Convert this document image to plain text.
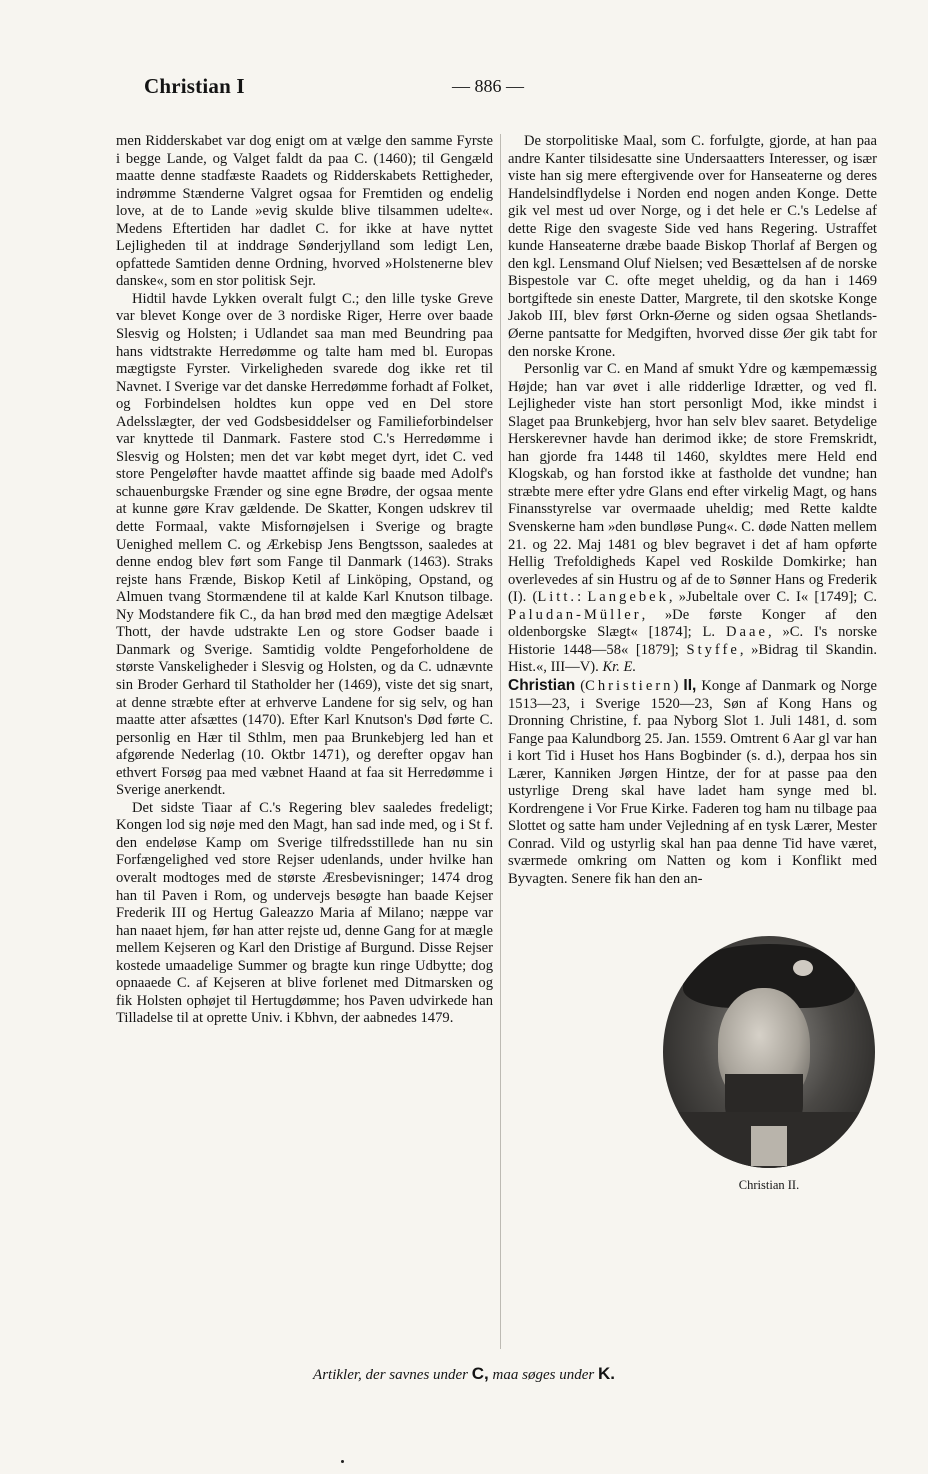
Christian I	— 886 —

men Ridderskabet var dog enigt om at vælge den samme Fyrste i begge Lande, og Valget faldt da paa C. (1460); til Gengæld maatte denne stadfæste Raadets og Ridderskabets Rettigheder, indrømme Stænderne Valgret ogsaa for Fremtiden og endelig love, at de to Lande »evig skulde blive tilsammen udelte«. Medens Eftertiden har dadlet C. for ikke at have nyttet Lejligheden til at inddrage Sønderjylland som ledigt Len, opfattede Samtiden denne Ordning, hvorved »Holstenerne blev danske«, som en stor politisk Sejr.

Hidtil havde Lykken overalt fulgt C.; den lille tyske Greve var blevet Konge over de 3 nordiske Riger, Herre over baade Slesvig og Holsten; i Udlandet saa man med Beundring paa hans vidtstrakte Herredømme og talte ham med bl. Europas mægtigste Fyrster. Virkeligheden svarede dog ikke ret til Navnet. I Sverige var det danske Herredømme forhadt af Folket, og Forbindelsen holdtes kun oppe ved en Del store Adelsslægter, der ved Godsbesiddelser og Familieforbindelser var knyttede til Danmark. Fastere stod C.'s Herredømme i Slesvig og Holsten; men det var købt meget dyrt, idet C. ved store Pengeløfter havde maattet affinde sig baade med Adolf's schauenburgske Frænder og sine egne Brødre, der ogsaa mente at kunne gøre Krav gældende. De Skatter, Kongen udskrev til dette Formaal, vakte Misfornøjelsen i Sverige og bragte Uenighed mellem C. og Ærkebisp Jens Bengtsson, saaledes at denne endog blev ført som Fange til Danmark (1463). Straks rejste hans Frænde, Biskop Ketil af Linköping, Opstand, og Almuen tvang Stormændene til at kalde Karl Knutson tilbage. Ny Modstandere fik C., da han brød med den mægtige Adelsæt Thott, der havde udstrakte Len og store Godser baade i Danmark og Sverige. Samtidig voldte Pengeforholdene de største Vanskeligheder i Slesvig og Holsten, og da C. udnævnte sin Broder Gerhard til Statholder her (1469), viste det sig snart, at denne stræbte efter at erhverve Landene for sig selv, og han maatte atter afsættes (1470). Efter Karl Knutson's Død førte C. personlig en Hær til Sthlm, men paa Brunkebjerg led han et afgørende Nederlag (10. Oktbr 1471), og derefter opgav han ethvert Forsøg paa med væbnet Haand at faa sit Herredømme i Sverige anerkendt.

Det sidste Tiaar af C.'s Regering blev saaledes fredeligt; Kongen lod sig nøje med den Magt, han sad inde med, og i St f. den endeløse Kamp om Sverige tilfredsstillede han nu sin Forfængelighed ved store Rejser udenlands, under hvilke han overalt modtoges med de største Æresbevisninger; 1474 drog han til Paven i Rom, og undervejs besøgte han baade Kejser Frederik III og Hertug Galeazzo Maria af Milano; næppe var han naaet hjem, før han atter rejste ud, denne Gang for at mægle mellem Kejseren og Karl den Dristige af Burgund. Disse Rejser kostede umaadelige Summer og bragte kun ringe Udbytte; dog opnaaede C. af Kejseren at blive forlenet med Ditmarsken og fik Holsten ophøjet til Hertugdømme; hos Paven udvirkede han Tilladelse til at oprette Univ. i Kbhvn, der aabnedes 1479.

De storpolitiske Maal, som C. forfulgte, gjorde, at han paa andre Kanter tilsidesatte sine Undersaatters Interesser, og især viste han sig mere eftergivende over for Hanseaterne og deres Handelsindflydelse i Norden end nogen anden Konge. Dette gik vel mest ud over Norge, og i det hele er C.'s Ledelse af dette Rige den svageste Side ved hans Regering. Ustraffet kunde Hanseaterne dræbe baade Biskop Thorlaf af Bergen og den kgl. Lensmand Oluf Nielsen; ved Besættelsen af de norske Bispestole var C. ofte meget uheldig, og da han i 1469 bortgiftede sin eneste Datter, Margrete, til den skotske Konge Jakob III, blev først Orkn-Øerne og siden ogsaa Shetlands-Øerne pantsatte for Medgiften, hvorved disse Øer gik tabt for den norske Krone.

Personlig var C. en Mand af smukt Ydre og kæmpemæssig Højde; han var øvet i alle ridderlige Idrætter, og ved fl. Lejligheder viste han stort personligt Mod, ikke mindst i Slaget paa Brunkebjerg, hvor han selv blev saaret. Betydelige Herskerevner havde han derimod ikke; de store Fremskridt, han gjorde fra 1448 til 1460, skyldtes mere Held end Klogskab, og han forstod ikke at fastholde det vundne; han stræbte mere efter ydre Glans end efter virkelig Magt, og hans Finansstyrelse var overmaade uheldig; med Rette kaldte Svenskerne ham »den bundløse Pung«. C. døde Natten mellem 21. og 22. Maj 1481 og blev begravet i det af ham opførte Hellig Trefoldigheds Kapel ved Roskilde Domkirke; han overlevedes af sin Hustru og af de to Sønner Hans og Frederik (I). (Litt.: Langebek, »Jubeltale over C. I« [1749]; C. Paludan-Müller, »De første Konger af den oldenborgske Slægt« [1874]; L. Daae, »C. I's norske Historie 1448—58« [1879]; Styffe, »Bidrag til Skandin. Hist.«, III—V). Kr. E.

Christian (Christiern) II, Konge af Danmark og Norge 1513—23, i Sverige 1520—23, Søn af Kong Hans og Dronning Christine, f. paa Nyborg Slot 1. Juli 1481, d. som Fange paa Kalundborg 25. Jan. 1559. Omtrent 6 Aar gl var han i kort Tid i Huset hos Hans Bogbinder (s. d.), derpaa hos sin Lærer, Kanniken Jørgen Hintze, der for at passe paa den ustyrlige Dreng skal have ladet ham synge med bl. Kordrengene i Vor Frue Kirke. Faderen tog ham nu tilbage paa Slottet og satte ham under Vejledning af en tysk Lærer, Mester Conrad. Vild og ustyrlig skal han paa denne Tid have været, sværmede omkring om Natten og kom i Konflikt med Byvagten. Senere fik han den an-

Christian II.
Artikler, der savnes under C, maa søges under K.
